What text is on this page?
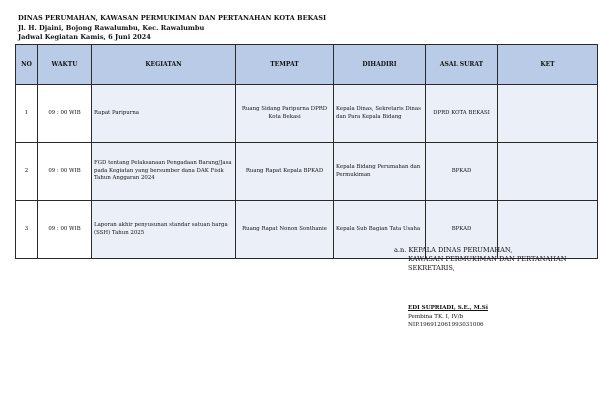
DINAS PERUMAHAN, KAWASAN PERMUKIMAN DAN PERTANAHAN KOTA BEKASI
Jl. H. Djaini, Bojong Rawalumbu, Kec. Rawalumbu
Jadwal Kegiatan Kamis, 6 Juni 2024
NO	WAKTU	KEGIATAN	TEMPAT	DIHADIRI	ASAL SURAT	KET
1	09 : 00 WIB	Rapat Paripurna	Ruang Sidang Paripurna DPRD Kota Bekasi	Kepala Dinas, Sekretaris Dinas dan Para Kepala Bidang	DPRD KOTA BEKASI	
2	09 : 00 WIB	FGD tentang Pelaksanaan Pengadaan Barang/Jasa pada Kegiatan yang bersumber dana DAK Fisik Tahun Anggaran 2024	Ruang Rapat Kepala BPKAD	Kepala Bidang Perumahan dan Permukiman	BPKAD	
3	09 : 00 WIB	Laporan akhir penyusunan standar satuan harga (SSH) Tahun 2025	Ruang Rapat Nonon Sonthanie	Kepala Sub Bagian Tata Usaha	BPKAD	
a.n. KEPALA DINAS PERUMAHAN,
KAWASAN PERMUKIMAN DAN PERTANAHAN
SEKRETARIS,
EDI SUPRIADI, S.E., M.Si
Pembina TK. I, IV/b
NIP.196912061993031006
